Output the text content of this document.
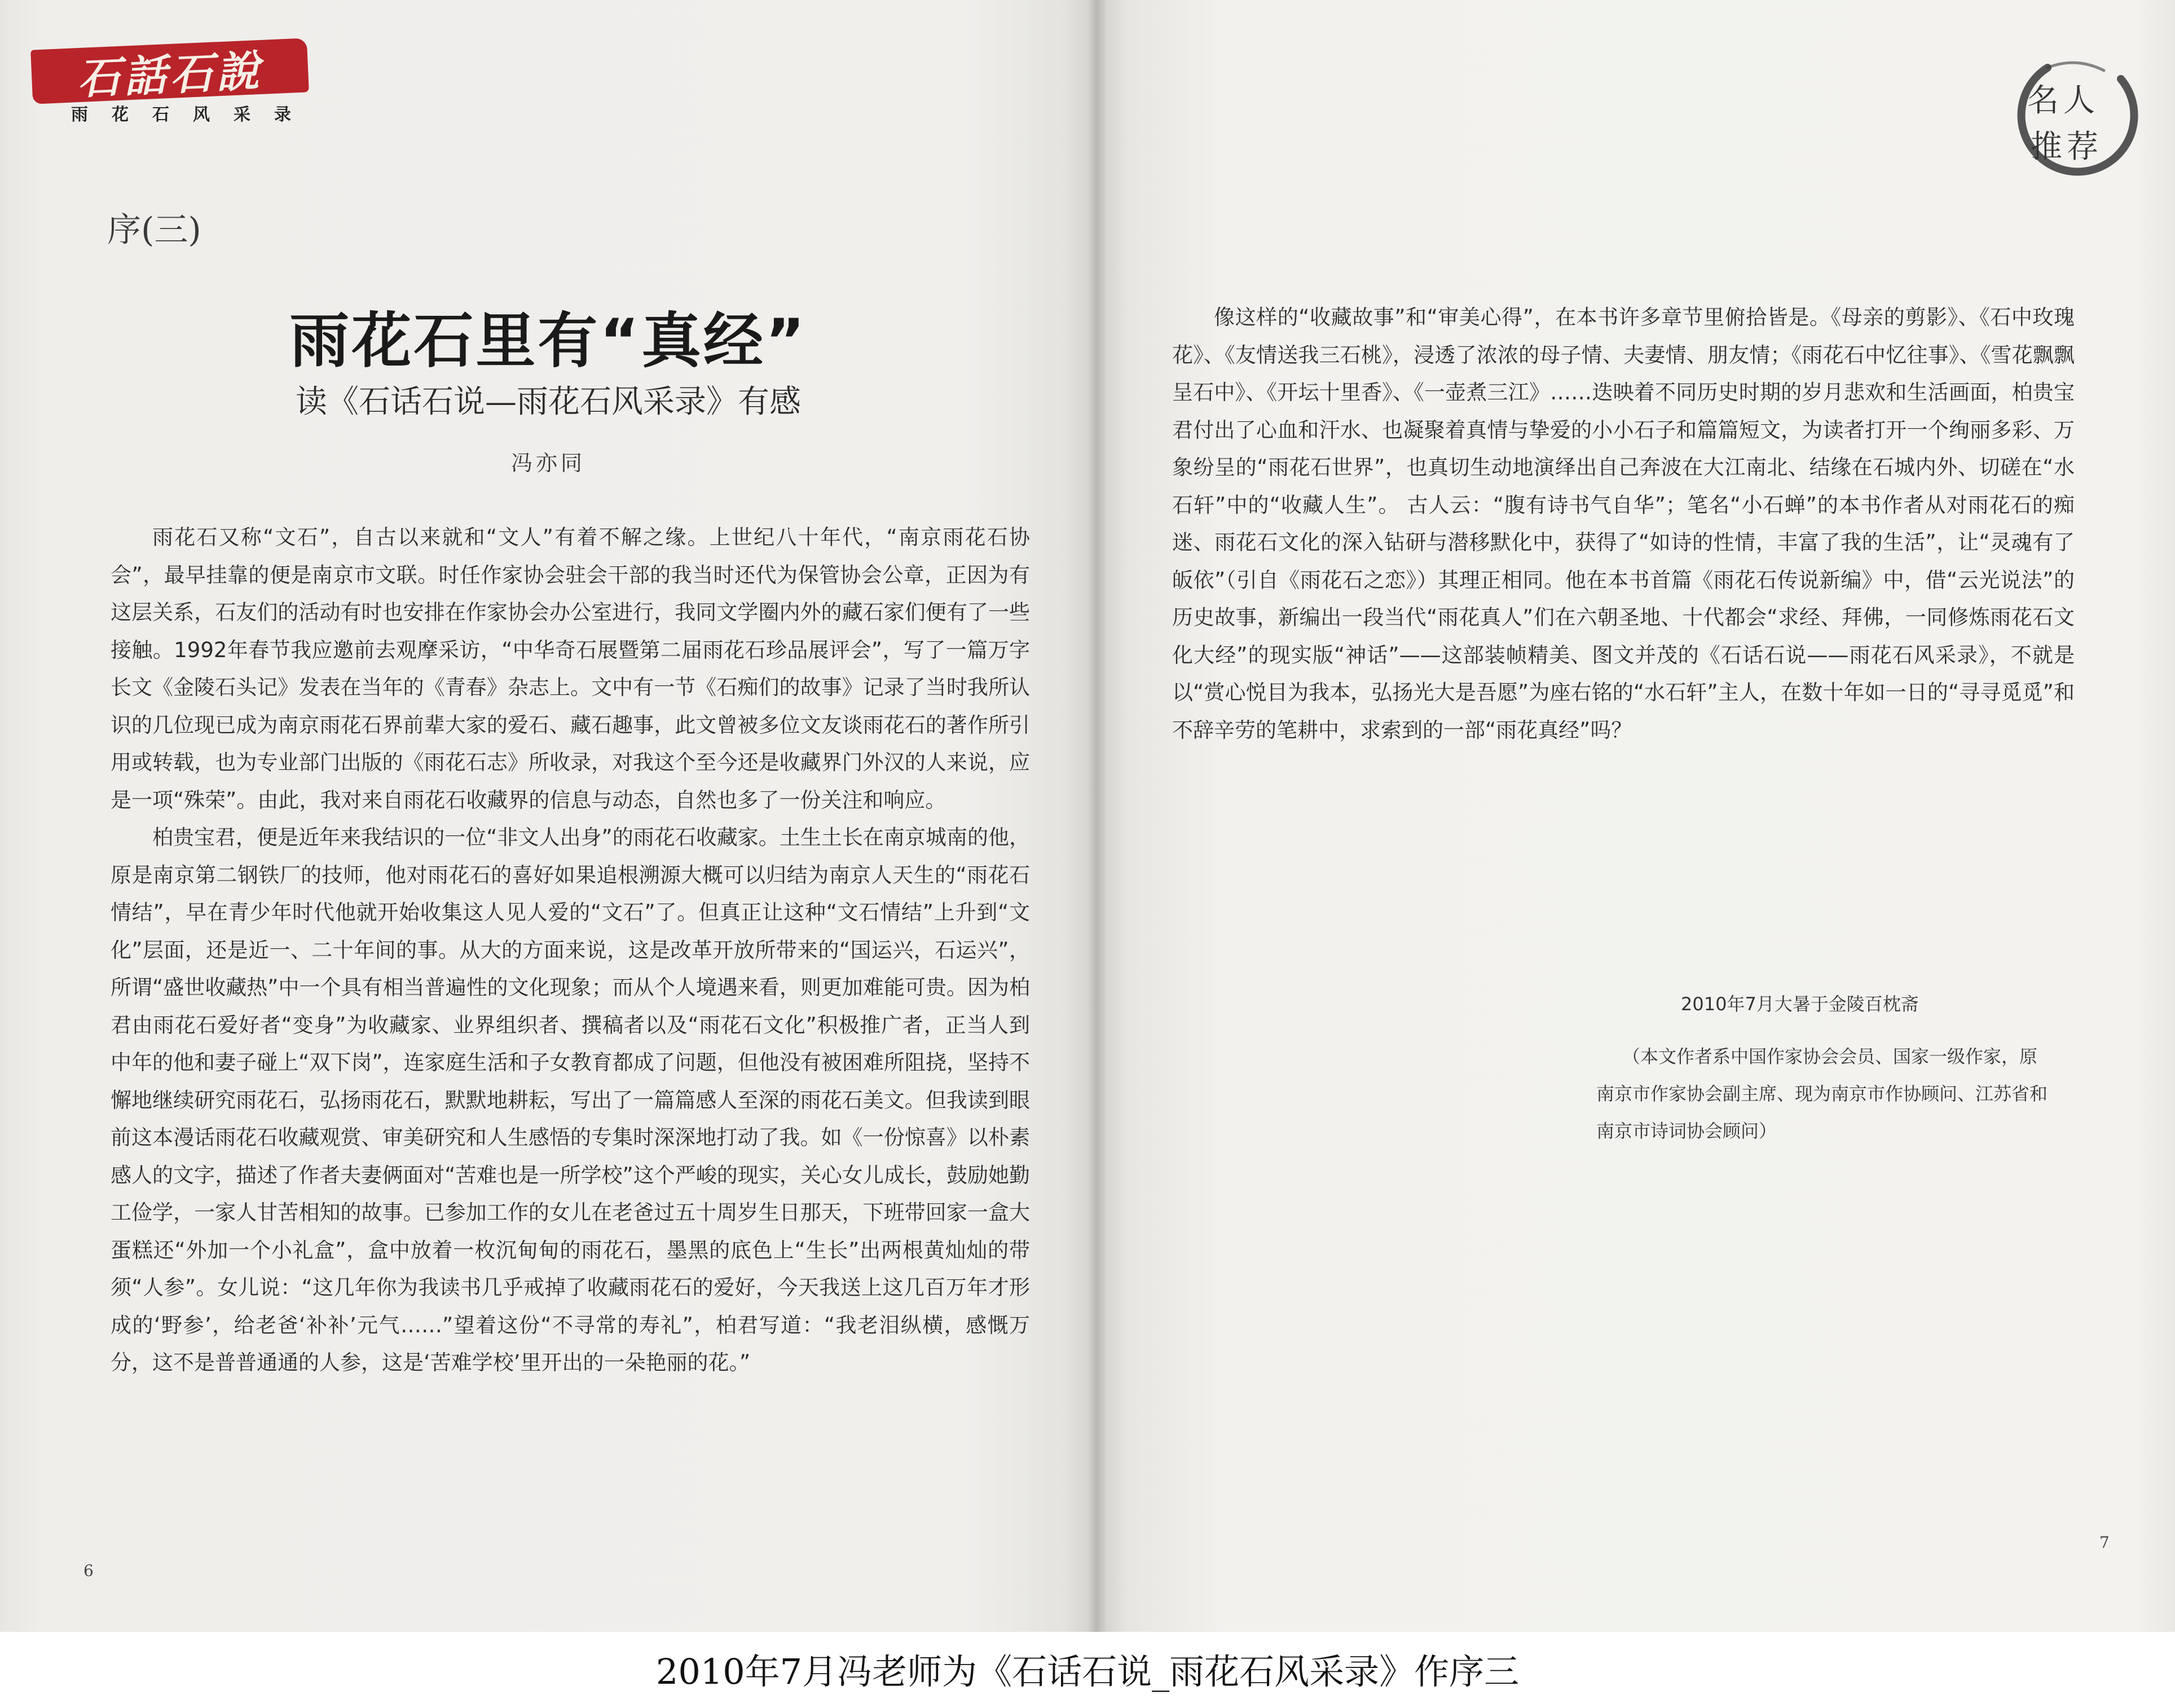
石話石說
雨花石风采录
序(三)
雨花石里有“真经”
读《石话石说—雨花石风采录》有感
冯亦同

雨花石又称“文石”，自古以来就和“文人”有着不解之缘。上世纪八十年代，“南京雨花石协会”，最早挂靠的便是南京市文联。时任作家协会驻会干部的我当时还代为保管协会公章，正因为有这层关系，石友们的活动有时也安排在作家协会办公室进行，我同文学圈内外的藏石家们便有了一些接触。1992年春节我应邀前去观摩采访，“中华奇石展暨第二届雨花石珍品展评会”，写了一篇万字长文《金陵石头记》发表在当年的《青春》杂志上。文中有一节《石痴们的故事》记录了当时我所认识的几位现已成为南京雨花石界前辈大家的爱石、藏石趣事，此文曾被多位文友谈雨花石的著作所引用或转载，也为专业部门出版的《雨花石志》所收录，对我这个至今还是收藏界门外汉的人来说，应是一项“殊荣”。由此，我对来自雨花石收藏界的信息与动态，自然也多了一份关注和响应。

柏贵宝君，便是近年来我结识的一位“非文人出身”的雨花石收藏家。土生土长在南京城南的他，原是南京第二钢铁厂的技师，他对雨花石的喜好如果追根溯源大概可以归结为南京人天生的“雨花石情结”，早在青少年时代他就开始收集这人见人爱的“文石”了。但真正让这种“文石情结”上升到“文化”层面，还是近一、二十年间的事。从大的方面来说，这是改革开放所带来的“国运兴，石运兴”，所谓“盛世收藏热”中一个具有相当普遍性的文化现象；而从个人境遇来看，则更加难能可贵。因为柏君由雨花石爱好者“变身”为收藏家、业界组织者、撰稿者以及“雨花石文化”积极推广者，正当人到中年的他和妻子碰上“双下岗”，连家庭生活和子女教育都成了问题，但他没有被困难所阻挠，坚持不懈地继续研究雨花石，弘扬雨花石，默默地耕耘，写出了一篇篇感人至深的雨花石美文。但我读到眼前这本漫话雨花石收藏观赏、审美研究和人生感悟的专集时深深地打动了我。如《一份惊喜》以朴素感人的文字，描述了作者夫妻俩面对“苦难也是一所学校”这个严峻的现实，关心女儿成长，鼓励她勤工俭学，一家人甘苦相知的故事。已参加工作的女儿在老爸过五十周岁生日那天，下班带回家一盒大蛋糕还“外加一个小礼盒”，盒中放着一枚沉甸甸的雨花石，墨黑的底色上“生长”出两根黄灿灿的带须“人参”。女儿说：“这几年你为我读书几乎戒掉了收藏雨花石的爱好，今天我送上这几百万年才形成的‘野参’，给老爸‘补补’元气……”望着这份“不寻常的寿礼”，柏君写道：“我老泪纵横，感慨万分，这不是普普通通的人参，这是‘苦难学校’里开出的一朵艳丽的花。”

6
名人
推荐

像这样的“收藏故事”和“审美心得”，在本书许多章节里俯拾皆是。《母亲的剪影》、《石中玫瑰花》、《友情送我三石桃》，浸透了浓浓的母子情、夫妻情、朋友情；《雨花石中忆往事》、《雪花飘飘呈石中》、《开坛十里香》、《一壶煮三江》……迭映着不同历史时期的岁月悲欢和生活画面，柏贵宝君付出了心血和汗水、也凝聚着真情与挚爱的小小石子和篇篇短文，为读者打开一个绚丽多彩、万象纷呈的“雨花石世界”，也真切生动地演绎出自己奔波在大江南北、结缘在石城内外、切磋在“水石轩”中的“收藏人生”。 古人云：“腹有诗书气自华”；笔名“小石蝉”的本书作者从对雨花石的痴迷、雨花石文化的深入钻研与潜移默化中，获得了“如诗的性情，丰富了我的生活”，让“灵魂有了皈依”（引自《雨花石之恋》）其理正相同。他在本书首篇《雨花石传说新编》中，借“云光说法”的历史故事，新编出一段当代“雨花真人”们在六朝圣地、十代都会“求经、拜佛，一同修炼雨花石文化大经”的现实版“神话”——这部装帧精美、图文并茂的《石话石说——雨花石风采录》，不就是以“赏心悦目为我本，弘扬光大是吾愿”为座右铭的“水石轩”主人，在数十年如一日的“寻寻觅觅”和不辞辛劳的笔耕中，求索到的一部“雨花真经”吗？

2010年7月大暑于金陵百枕斋
（本文作者系中国作家协会会员、国家一级作家，原南京市作家协会副主席、现为南京市作协顾问、江苏省和南京市诗词协会顾问）
7
2010年7月冯老师为《石话石说_雨花石风采录》作序三
